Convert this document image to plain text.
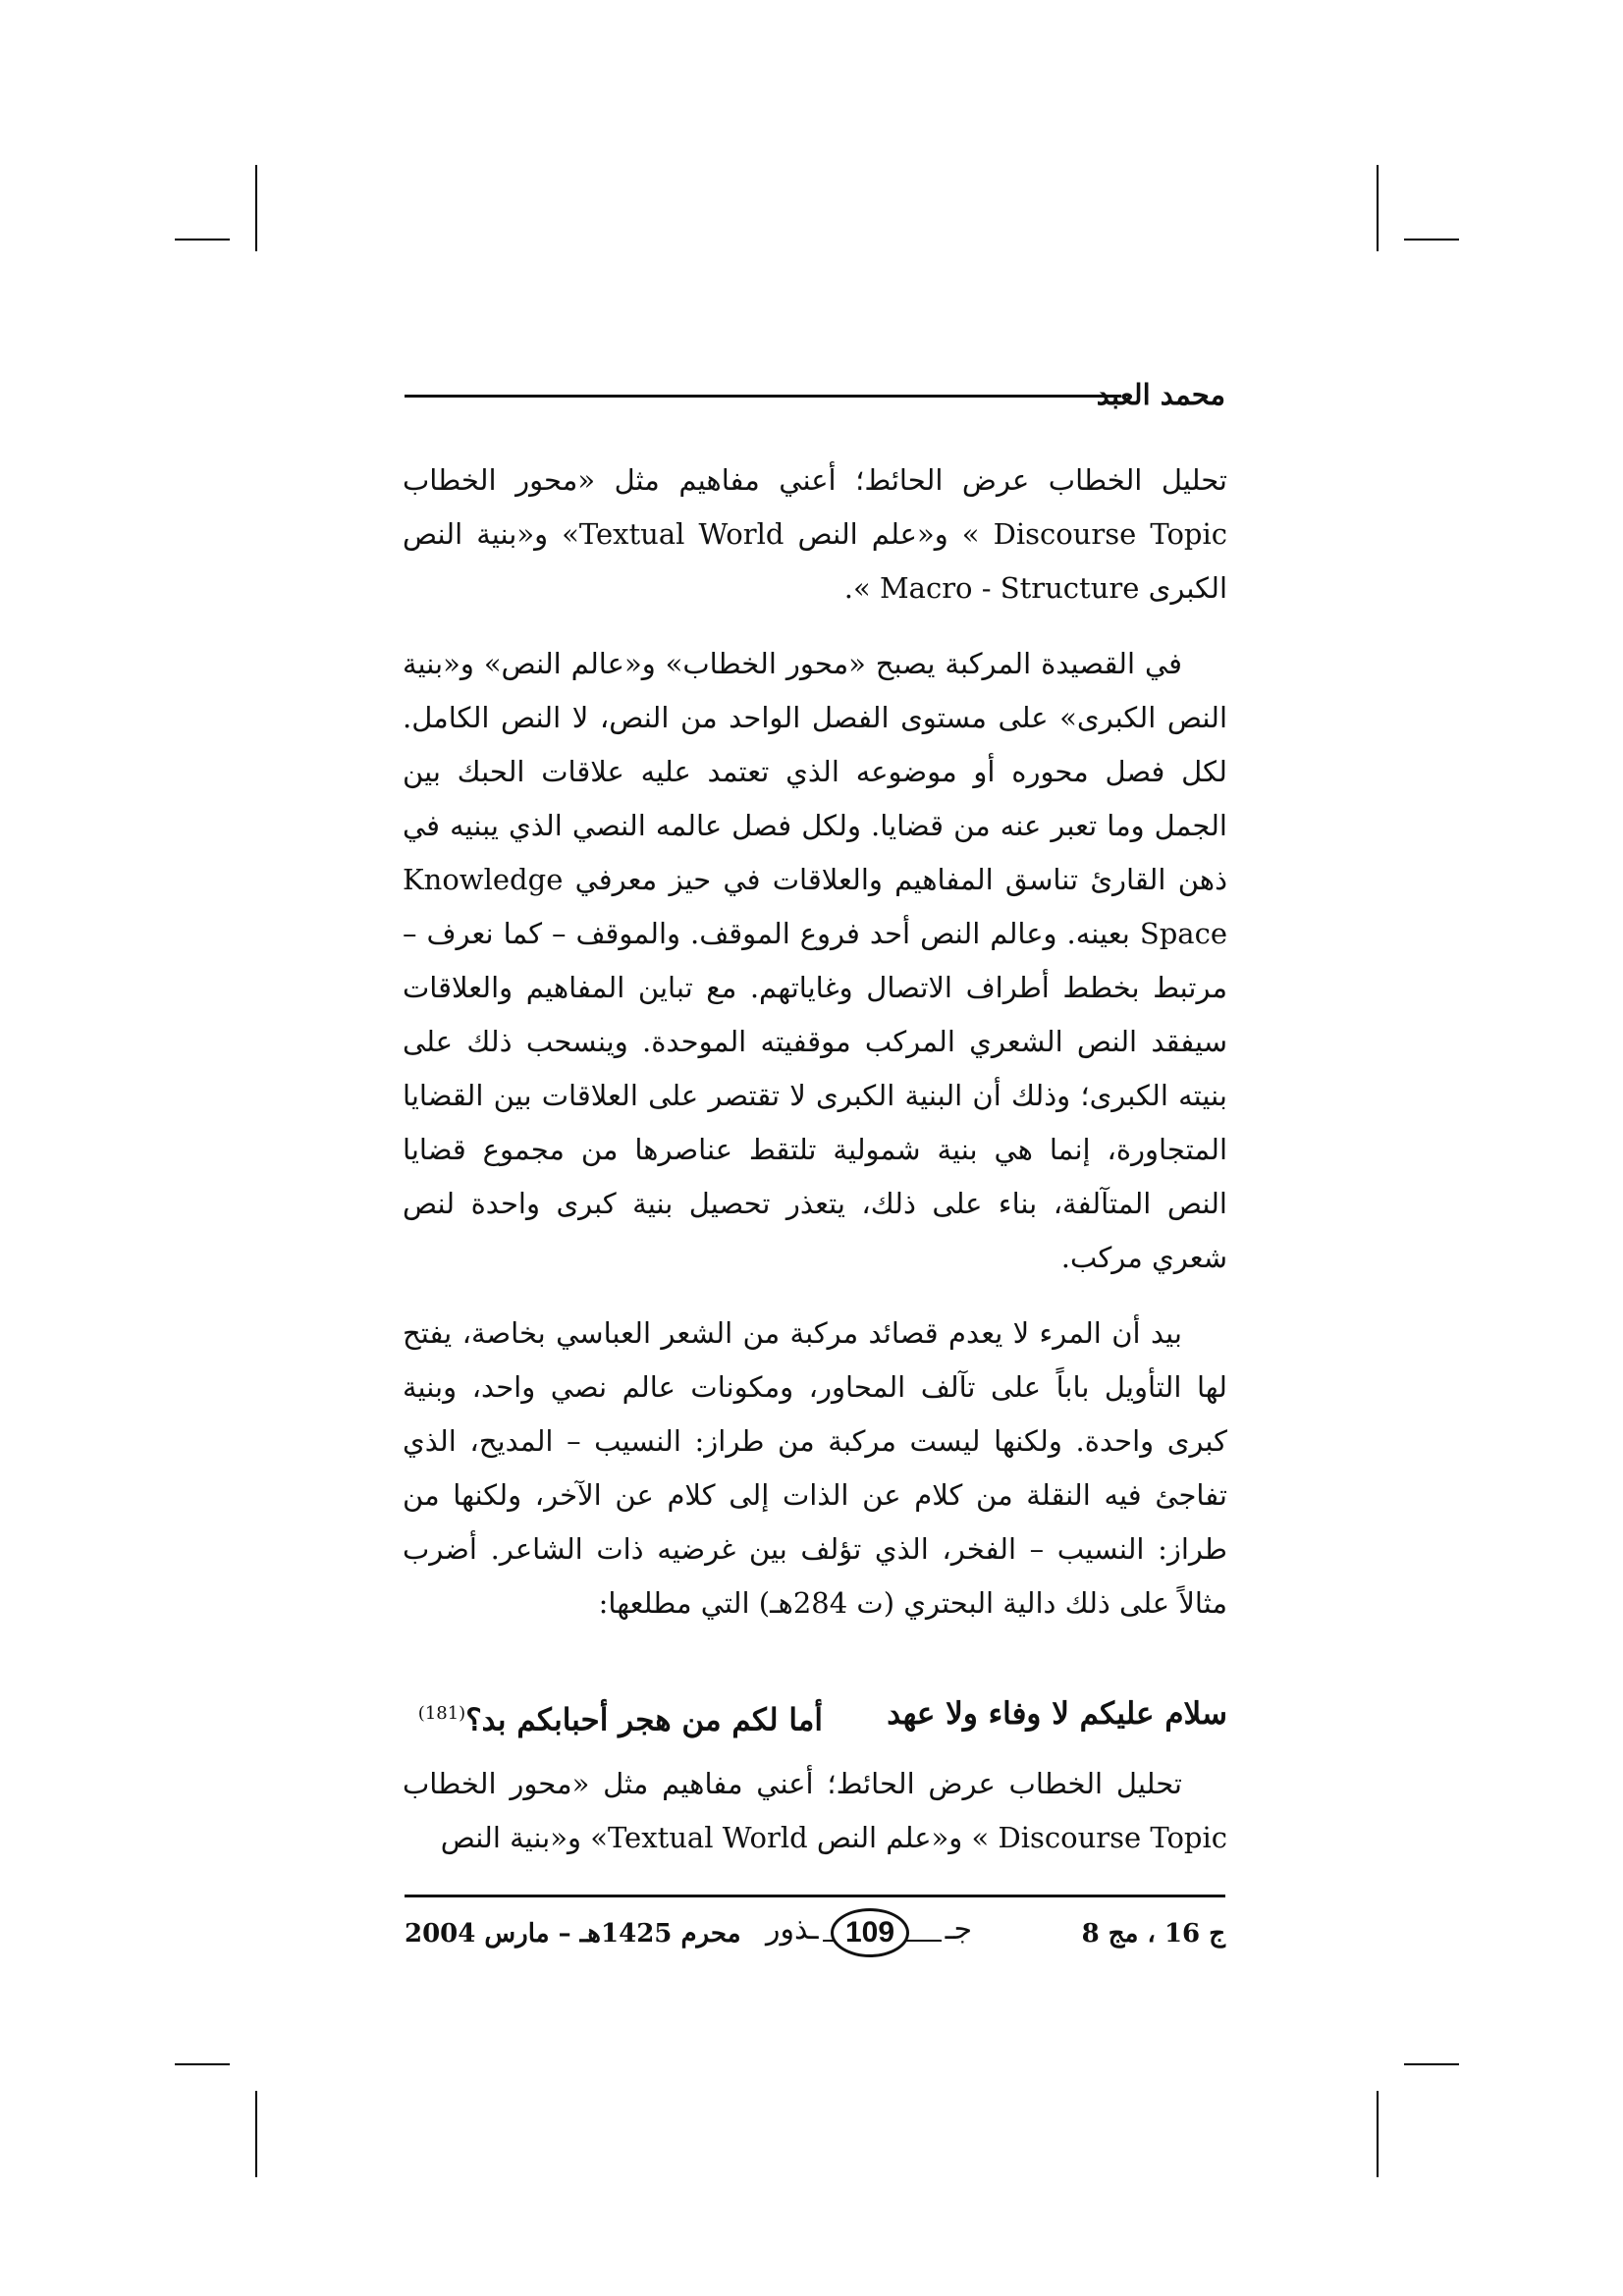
محمد العبد

تحليل الخطاب عرض الحائط؛ أعني مفاهيم مثل «محور الخطاب Discourse Topic » و«علم النص Textual World» و«بنية النص الكبرى Macro - Structure ».

في القصيدة المركبة يصبح «محور الخطاب» و«عالم النص» و«بنية النص الكبرى» على مستوى الفصل الواحد من النص، لا النص الكامل. لكل فصل محوره أو موضوعه الذي تعتمد عليه علاقات الحبك بين الجمل وما تعبر عنه من قضايا. ولكل فصل عالمه النصي الذي يبنيه في ذهن القارئ تناسق المفاهيم والعلاقات في حيز معرفي Knowledge Space بعينه. وعالم النص أحد فروع الموقف. والموقف – كما نعرف – مرتبط بخطط أطراف الاتصال وغاياتهم. مع تباين المفاهيم والعلاقات سيفقد النص الشعري المركب موقفيته الموحدة. وينسحب ذلك على بنيته الكبرى؛ وذلك أن البنية الكبرى لا تقتصر على العلاقات بين القضايا المتجاورة، إنما هي بنية شمولية تلتقط عناصرها من مجموع قضايا النص المتآلفة، بناء على ذلك، يتعذر تحصيل بنية كبرى واحدة لنص شعري مركب.

بيد أن المرء لا يعدم قصائد مركبة من الشعر العباسي بخاصة، يفتح لها التأويل باباً على تآلف المحاور، ومكونات عالم نصي واحد، وبنية كبرى واحدة. ولكنها ليست مركبة من طراز: النسيب – المديح، الذي تفاجئ فيه النقلة من كلام عن الذات إلى كلام عن الآخر، ولكنها من طراز: النسيب – الفخر، الذي تؤلف بين غرضيه ذات الشاعر. أضرب مثالاً على ذلك دالية البحتري (ت 284هـ) التي مطلعها:

سلام عليكم لا وفاء ولا عهد
أما لكم من هجر أحبابكم بد؟$^{(181)}$

تحليل الخطاب عرض الحائط؛ أعني مفاهيم مثل «محور الخطاب Discourse Topic » و«علم النص Textual World» و«بنية النص

ج 16 ، مج 8
جـ
ـذور 109
محرم 1425هـ – مارس 2004
